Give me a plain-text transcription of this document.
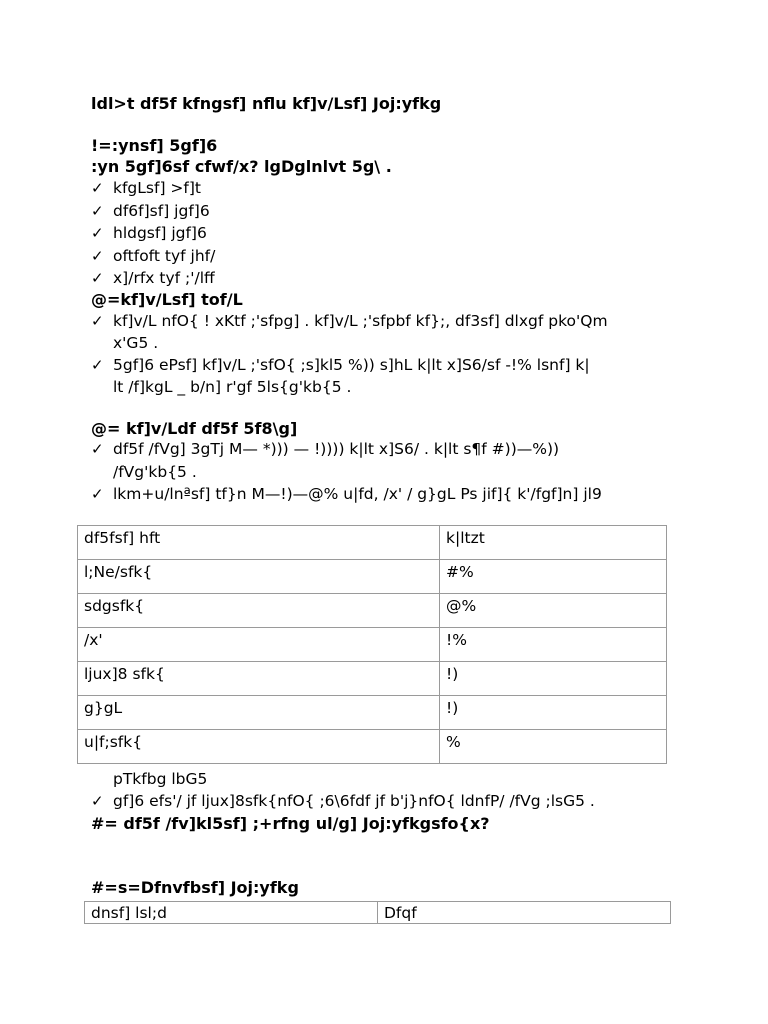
ldl>t df5f kfngsf] nflu kf]v/Lsf] Joj:yfkg
!=:ynsf] 5gf]6
:yn 5gf]6sf cfwf/x? lgDglnlvt 5g\ .
✓ kfgLsf] >f]t
✓ df6f]sf] jgf]6
✓ hldgsf] jgf]6
✓ oftfoft tyf jhf/
✓ x]/rfx tyf ;'/lff
@=kf]v/Lsf] tof/L
✓ kf]v/L nfO{ ! xKtf ;'sfpg] . kf]v/L ;'sfpbf kf};, df3sf] dlxgf pko'Qm
x'G5 .
✓ 5gf]6 ePsf] kf]v/L ;'sfO{ ;s]kl5 %)) s]hL k|lt x]S6/sf -!% lsnf] k|
lt /f]kgL _ b/n] r'gf 5ls{g'kb{5 .
@= kf]v/Ldf df5f 5f8\g]
✓ df5f /fVg] 3gTj M— *))) — !)))) k|lt x]S6/ . k|lt s¶f #))—%))
/fVg'kb{5 .
✓ lkm+u/lnªsf] tf}n M—!)—@% u|fd, /x' / g}gL Ps jif]{ k'/fgf]n] jl9
df5fsf] hft	k|ltzt
l;Ne/sfk{	#%
sdgsfk{	@%
/x'	!%
ljux]8 sfk{	!)
g}gL	!)
u|f;sfk{	%
pTkfbg lbG5
✓ gf]6 efs'/ jf ljux]8sfk{nfO{ ;6\6fdf jf b'j}nfO{ ldnfP/ /fVg ;lsG5 .
#= df5f /fv]kl5sf] ;+rfng ul/g] Joj:yfkgsfo{x?
#=s=Dfnvfbsf] Joj:yfkg
dnsf] lsl;d	Dfqf
